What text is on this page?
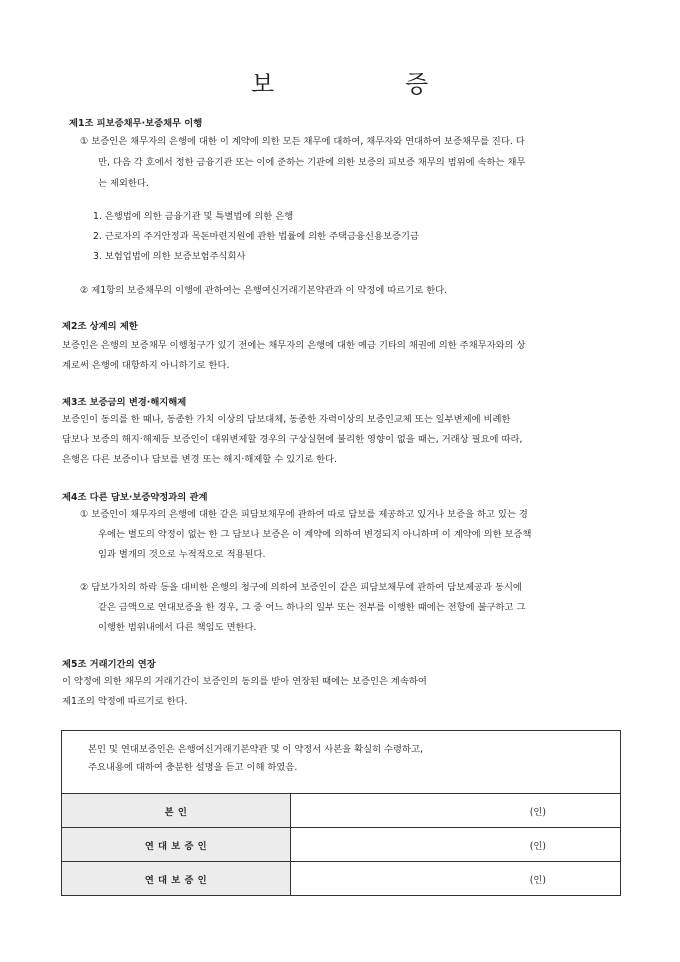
보	증
제1조 피보증채무·보증채무 이행
① 보증인은 채무자의 은행에 대한 이 계약에 의한 모든 채무에 대하여, 채무자와 연대하여 보증채무를 진다. 다
만, 다음 각 호에서 정한 금융기관 또는 이에 준하는 기관에 의한 보증의 피보증 채무의 범위에 속하는 채무
는 제외한다.
1. 은행법에 의한 금융기관 및 특별법에 의한 은행
2. 근로자의 주거안정과 목돈마련지원에 관한 법률에 의한 주택금융신용보증기금
3. 보험업법에 의한 보증보험주식회사
② 제1항의 보증채무의 이행에 관하여는 은행여신거래기본약관과 이 약정에 따르기로 한다.
제2조 상계의 제한
보증인은 은행의 보증채무 이행청구가 있기 전에는 채무자의 은행에 대한 예금 기타의 채권에 의한 주채무자와의 상
계로써 은행에 대항하지 아니하기로 한다.
제3조 보증금의 변경·해지해제
보증인이 동의를 한 때나, 동종한 가치 이상의 담보대체, 동종한 자력이상의 보증인교체 또는 일부변제에 비례한
담보나 보증의 해지·해제등 보증인이 대위변제할 경우의 구상실현에 불리한 영향이 없을 때는, 거래상 필요에 따라,
은행은 다른 보증이나 담보를 변경 또는 해지·해제할 수 있기로 한다.
제4조 다른 담보·보증약정과의 관계
① 보증인이 채무자의 은행에 대한 같은 피담보채무에 관하여 따로 담보를 제공하고 있거나 보증을 하고 있는 경
우에는 별도의 약정이 없는 한 그 담보나 보증은 이 계약에 의하여 변경되지 아니하며 이 계약에 의한 보증책
임과 별개의 것으로 누적적으로 적용된다.
② 담보가치의 하락 등을 대비한 은행의 청구에 의하여 보증인이 같은 피담보채무에 관하여 담보제공과 동시에
같은 금액으로 연대보증을 한 경우, 그 중 어느 하나의 일부 또는 전부를 이행한 때에는 전항에 불구하고 그
이행한 범위내에서 다른 책임도 면한다.
제5조 거래기간의 연장
이 약정에 의한 채무의 거래기간이 보증인의 동의를 받아 연장된 때에는 보증인은 계속하여
제1조의 약정에 따르기로 한다.
본인 및 연대보증인은 은행여신거래기본약관 및 이 약정서 사본을 확실히 수령하고,
주요내용에 대하여 충분한 설명을 듣고 이해 하였음.	

본 인	(인)
연 대 보 증 인	(인)
연 대 보 증 인	(인)
